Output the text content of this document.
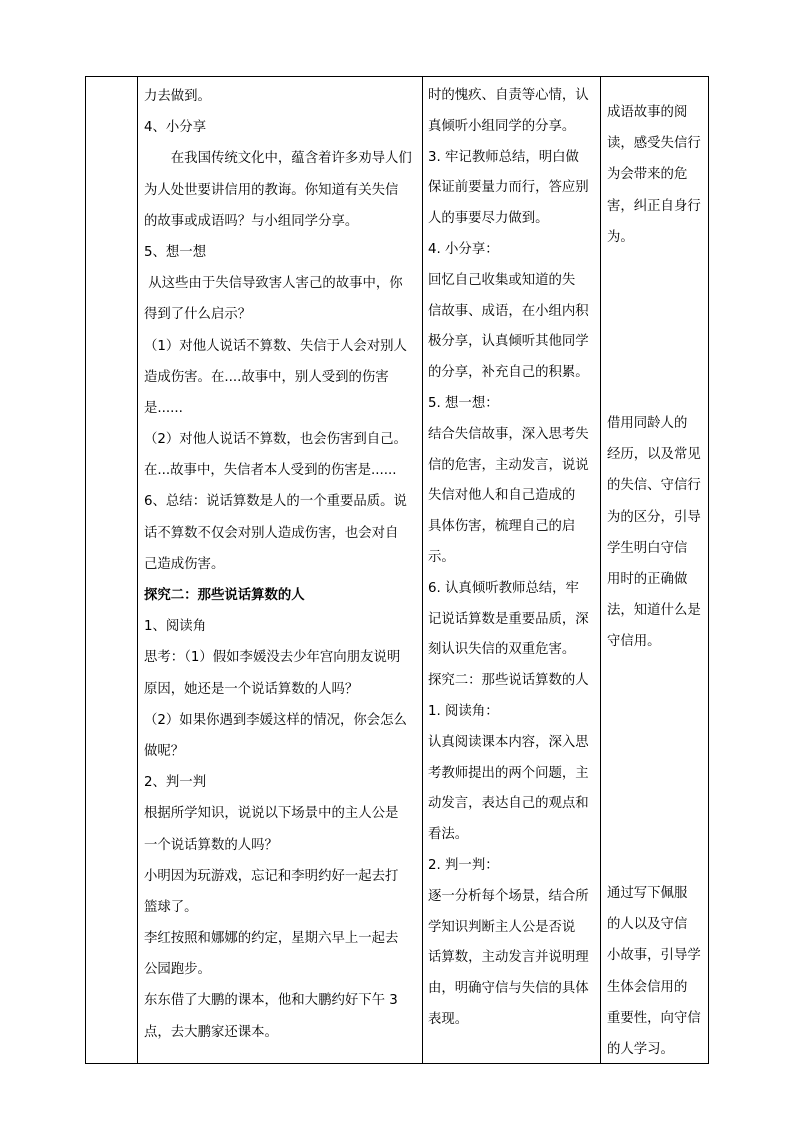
力去做到。

4、小分享

在我国传统文化中，蕴含着许多劝导人们

为人处世要讲信用的教诲。你知道有关失信

的故事或成语吗？与小组同学分享。

5、想一想

从这些由于失信导致害人害己的故事中，你

得到了什么启示？

（1）对他人说话不算数、失信于人会对别人

造成伤害。在....故事中，别人受到的伤害

是......

（2）对他人说话不算数，也会伤害到自己。

在...故事中，失信者本人受到的伤害是......

6、总结：说话算数是人的一个重要品质。说

话不算数不仅会对别人造成伤害，也会对自

己造成伤害。

探究二：那些说话算数的人

1、阅读角

思考：（1）假如李媛没去少年宫向朋友说明

原因，她还是一个说话算数的人吗？

（2）如果你遇到李媛这样的情况，你会怎么

做呢？

2、判一判

根据所学知识，说说以下场景中的主人公是

一个说话算数的人吗？

小明因为玩游戏，忘记和李明约好一起去打

篮球了。

李红按照和娜娜的约定，星期六早上一起去

公园跑步。

东东借了大鹏的课本，他和大鹏约好下午 3

点，去大鹏家还课本。

时的愧疚、自责等心情，认

真倾听小组同学的分享。

3. 牢记教师总结，明白做

保证前要量力而行，答应别

人的事要尽力做到。

4. 小分享：

回忆自己收集或知道的失

信故事、成语，在小组内积

极分享，认真倾听其他同学

的分享，补充自己的积累。

5. 想一想：

结合失信故事，深入思考失

信的危害，主动发言，说说

失信对他人和自己造成的

具体伤害，梳理自己的启

示。

6. 认真倾听教师总结，牢

记说话算数是重要品质，深

刻认识失信的双重危害。

探究二：那些说话算数的人

1. 阅读角：

认真阅读课本内容，深入思

考教师提出的两个问题，主

动发言，表达自己的观点和

看法。

2. 判一判：

逐一分析每个场景，结合所

学知识判断主人公是否说

话算数，主动发言并说明理

由，明确守信与失信的具体

表现。

成语故事的阅

读，感受失信行

为会带来的危

害，纠正自身行

为。

借用同龄人的

经历，以及常见

的失信、守信行

为的区分，引导

学生明白守信

用时的正确做

法，知道什么是

守信用。

通过写下佩服

的人以及守信

小故事，引导学

生体会信用的

重要性，向守信

的人学习。
